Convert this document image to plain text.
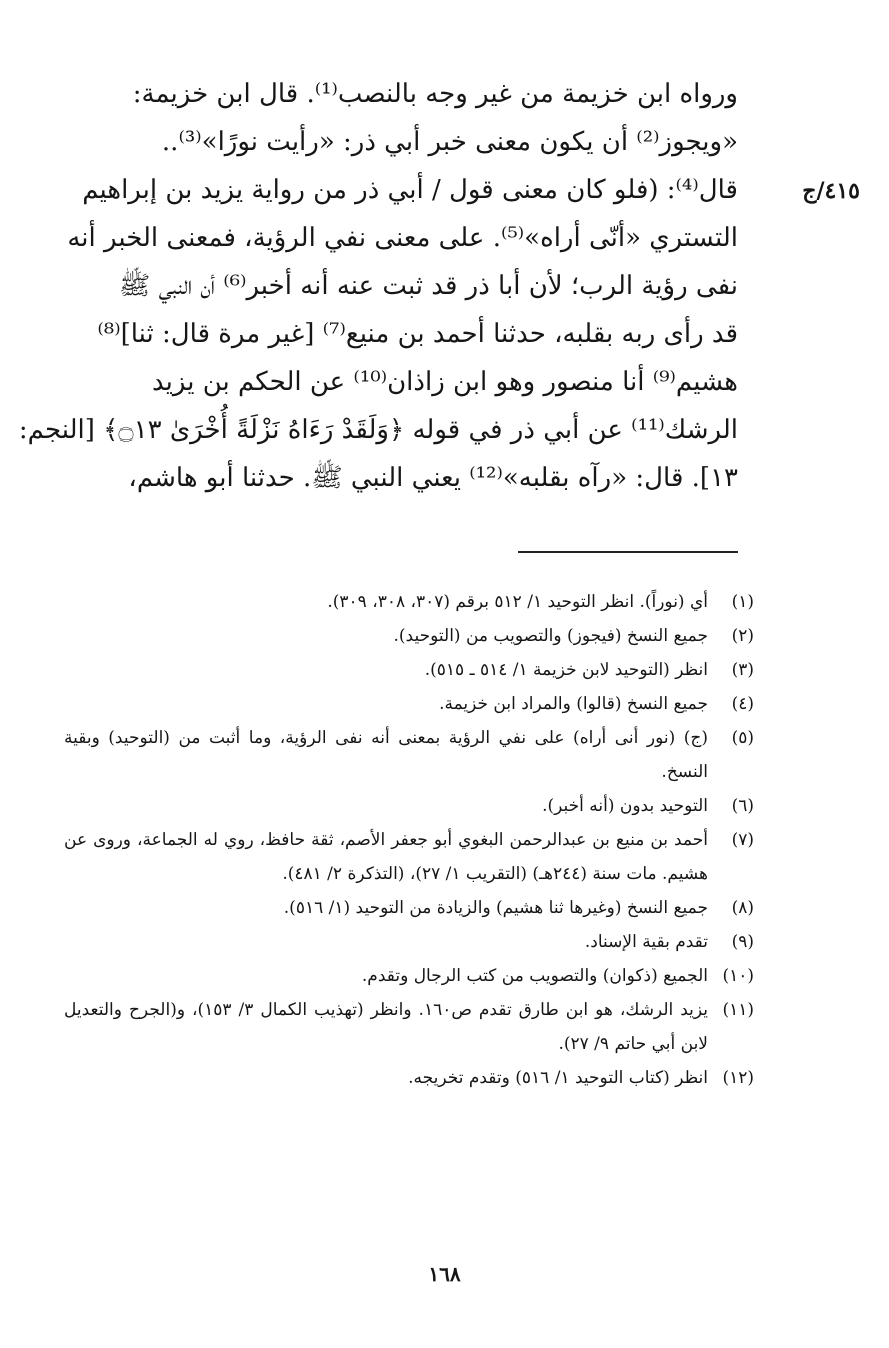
٤١٥/ج
ورواه ابن خزيمة من غير وجه بالنصب⁽¹⁾. قال ابن خزيمة:
«ويجوز⁽²⁾ أن يكون معنى خبر أبي ذر: «رأيت نورًا»⁽³⁾..
قال⁽⁴⁾: (فلو كان معنى قول / أبي ذر من رواية يزيد بن إبراهيم
التستري «أنّى أراه»⁽⁵⁾. على معنى نفي الرؤية، فمعنى الخبر أنه
نفى رؤية الرب؛ لأن أبا ذر قد ثبت عنه أنه أخبر⁽⁶⁾ أن النبي ﷺ
قد رأى ربه بقلبه، حدثنا أحمد بن منيع⁽⁷⁾ [غير مرة قال: ثنا]⁽⁸⁾
هشيم⁽⁹⁾ أنا منصور وهو ابن زاذان⁽¹⁰⁾ عن الحكم بن يزيد
الرشك⁽¹¹⁾ عن أبي ذر في قوله ﴿وَلَقَدْ رَءَاهُ نَزْلَةً أُخْرَىٰ ۝١٣﴾ [النجم:
١٣]. قال: «رآه بقلبه»⁽¹²⁾ يعني النبي ﷺ. حدثنا أبو هاشم،
(١)
أي (نوراً). انظر التوحيد ١/ ٥١٢ برقم (٣٠٧، ٣٠٨، ٣٠٩).
(٢)
جميع النسخ (فيجوز) والتصويب من (التوحيد).
(٣)
انظر (التوحيد لابن خزيمة ١/ ٥١٤ ـ ٥١٥).
(٤)
جميع النسخ (قالوا) والمراد ابن خزيمة.
(٥)
(ج) (نور أنى أراه) على نفي الرؤية بمعنى أنه نفى الرؤية، وما أثبت من (التوحيد) وبقية النسخ.
(٦)
التوحيد بدون (أنه أخبر).
(٧)
أحمد بن منيع بن عبدالرحمن البغوي أبو جعفر الأصم، ثقة حافظ، روي له الجماعة، وروى عن هشيم. مات سنة (٢٤٤هـ) (التقريب ١/ ٢٧)، (التذكرة ٢/ ٤٨١).
(٨)
جميع النسخ (وغيرها ثنا هشيم) والزيادة من التوحيد (١/ ٥١٦).
(٩)
تقدم بقية الإسناد.
(١٠)
الجميع (ذكوان) والتصويب من كتب الرجال وتقدم.
(١١)
يزيد الرشك، هو ابن طارق تقدم ص١٦٠. وانظر (تهذيب الكمال ٣/ ١٥٣)، و(الجرح والتعديل لابن أبي حاتم ٩/ ٢٧).
(١٢)
انظر (كتاب التوحيد ١/ ٥١٦) وتقدم تخريجه.
١٦٨
